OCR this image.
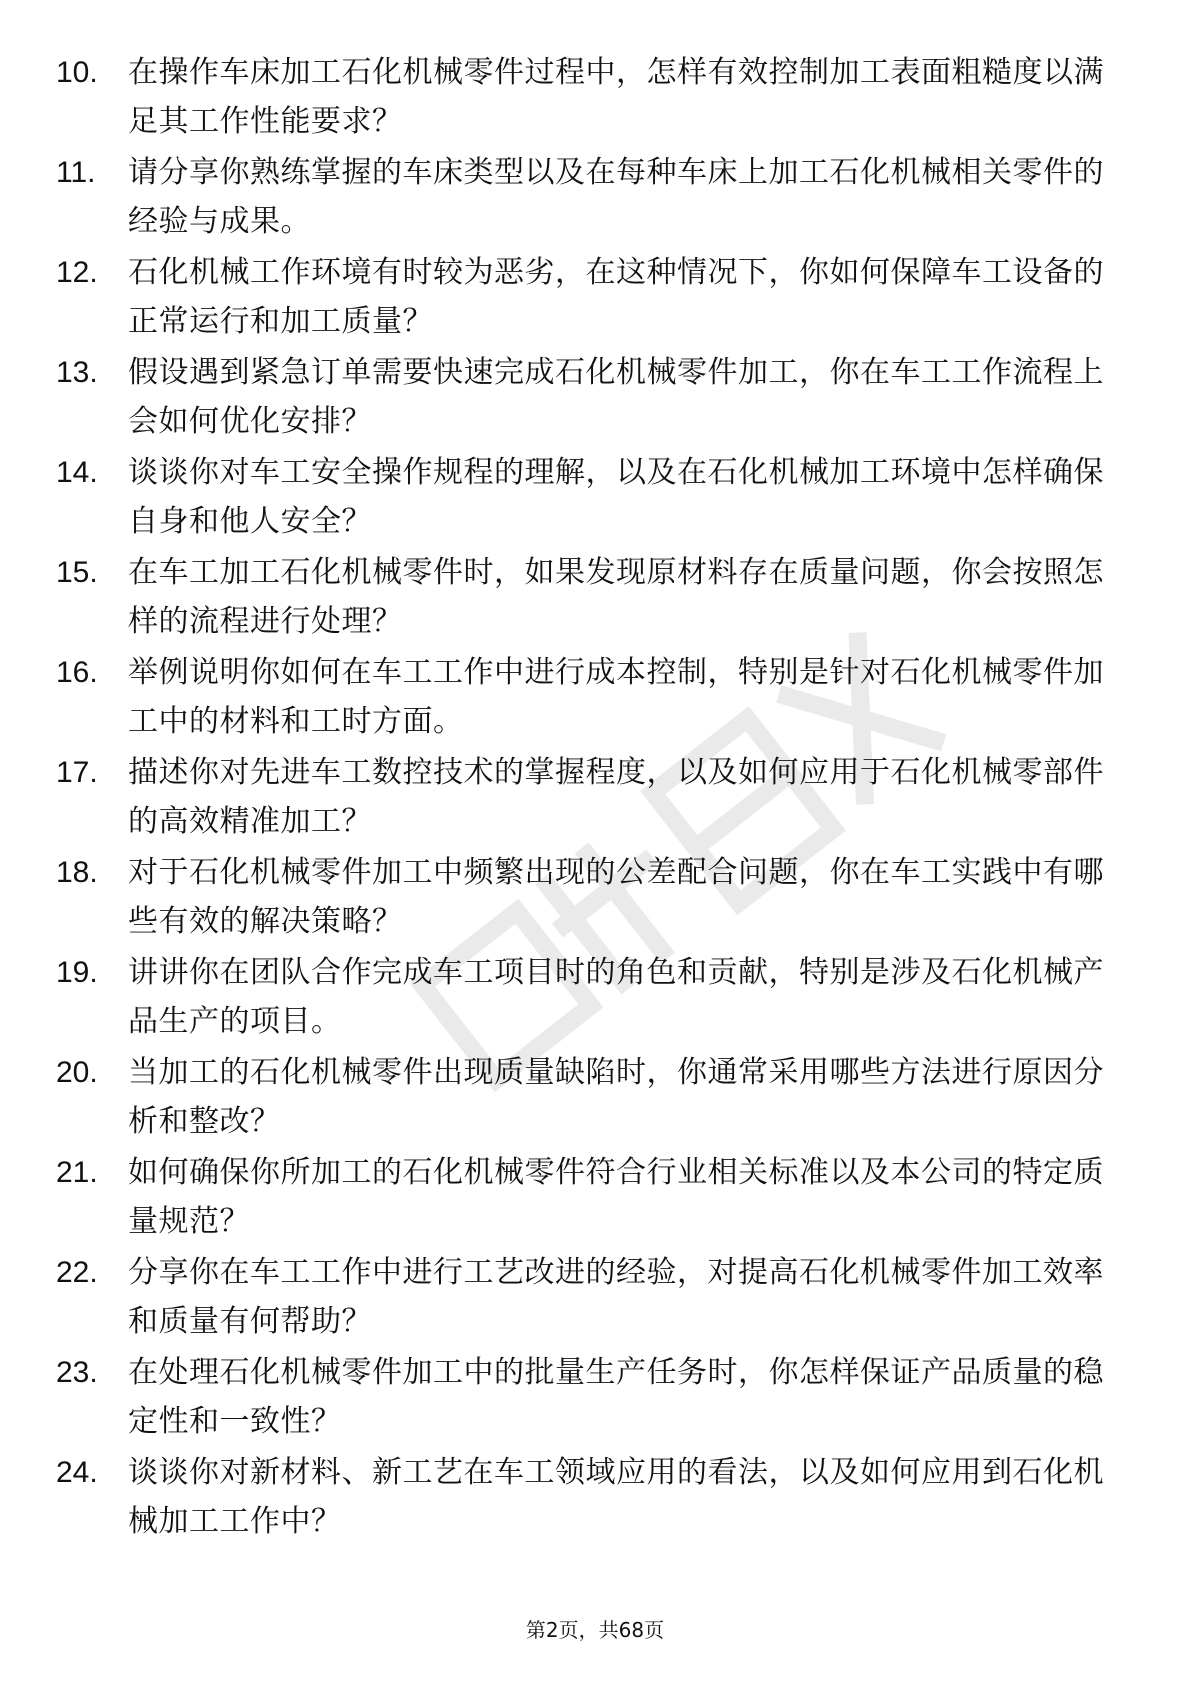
10.	在操作车床加工石化机械零件过程中，怎样有效控制加工表面粗糙度以满足其工作性能要求？
11.	请分享你熟练掌握的车床类型以及在每种车床上加工石化机械相关零件的经验与成果。
12.	石化机械工作环境有时较为恶劣，在这种情况下，你如何保障车工设备的正常运行和加工质量？
13.	假设遇到紧急订单需要快速完成石化机械零件加工，你在车工工作流程上会如何优化安排？
14.	谈谈你对车工安全操作规程的理解，以及在石化机械加工环境中怎样确保自身和他人安全？
15.	在车工加工石化机械零件时，如果发现原材料存在质量问题，你会按照怎样的流程进行处理？
16.	举例说明你如何在车工工作中进行成本控制，特别是针对石化机械零件加工中的材料和工时方面。
17.	描述你对先进车工数控技术的掌握程度，以及如何应用于石化机械零部件的高效精准加工？
18.	对于石化机械零件加工中频繁出现的公差配合问题，你在车工实践中有哪些有效的解决策略？
19.	讲讲你在团队合作完成车工项目时的角色和贡献，特别是涉及石化机械产品生产的项目。
20.	当加工的石化机械零件出现质量缺陷时，你通常采用哪些方法进行原因分析和整改？
21.	如何确保你所加工的石化机械零件符合行业相关标准以及本公司的特定质量规范？
22.	分享你在车工工作中进行工艺改进的经验，对提高石化机械零件加工效率和质量有何帮助？
23.	在处理石化机械零件加工中的批量生产任务时，你怎样保证产品质量的稳定性和一致性？
24.	谈谈你对新材料、新工艺在车工领域应用的看法，以及如何应用到石化机械加工工作中？
第2页，共68页
